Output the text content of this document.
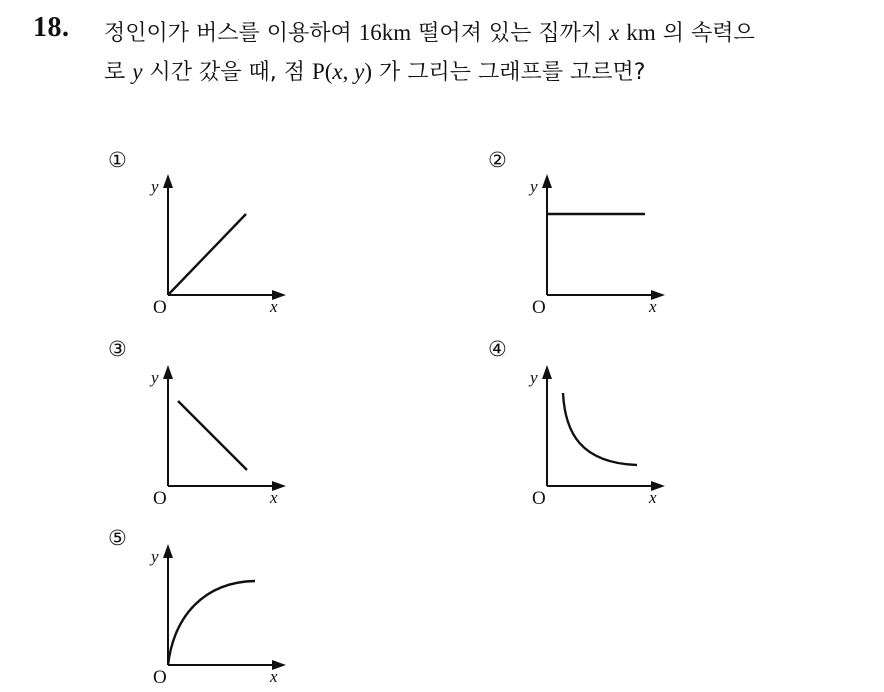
18. 정인이가 버스를 이용하여 16km 떨어져 있는 집까지 x km 의 속력으
로 y 시간 갔을 때, 점 P(x, y) 가 그리는 그래프를 고르면?
①
y
x
O
②
y
x
O
③
y
x
O
④
y
x
O
⑤
y
x
O
